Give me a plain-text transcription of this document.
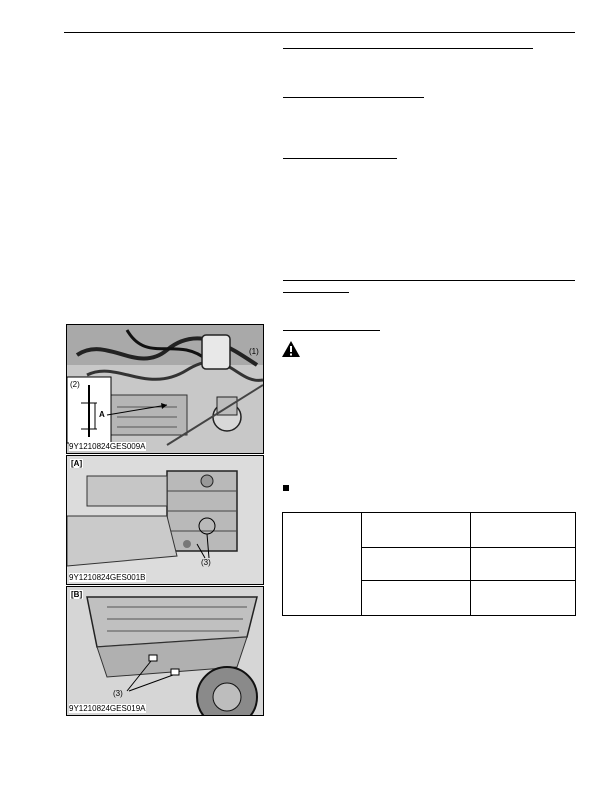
(1)
(2)
A
9Y1210824GES009A
[A]
(3)
9Y1210824GES001B
[B]
(3)
9Y1210824GES019A
